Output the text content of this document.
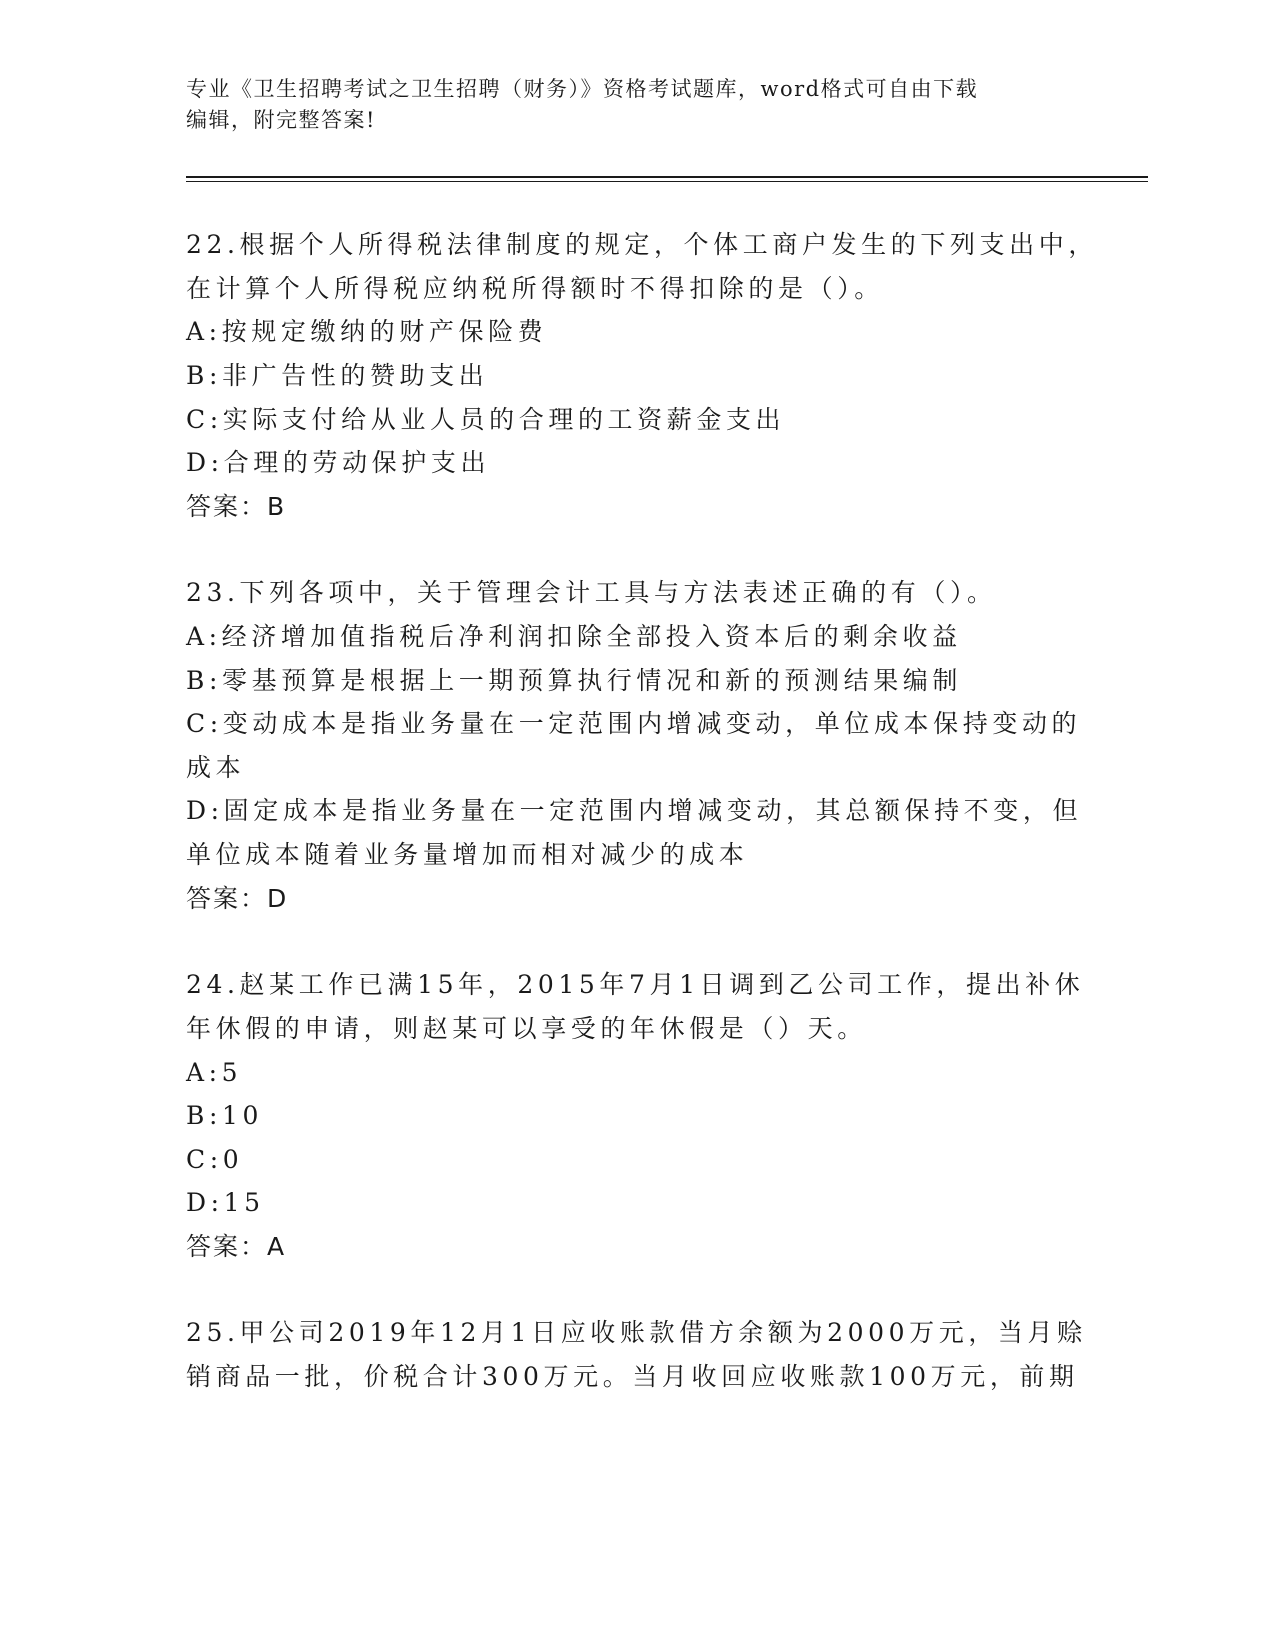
专业《卫生招聘考试之卫生招聘（财务）》资格考试题库，word格式可自由下载
编辑，附完整答案!
22.根据个人所得税法律制度的规定，个体工商户发生的下列支出中，
在计算个人所得税应纳税所得额时不得扣除的是（）。
A:按规定缴纳的财产保险费
B:非广告性的赞助支出
C:实际支付给从业人员的合理的工资薪金支出
D:合理的劳动保护支出
答案：B
23.下列各项中，关于管理会计工具与方法表述正确的有（）。
A:经济增加值指税后净利润扣除全部投入资本后的剩余收益
B:零基预算是根据上一期预算执行情况和新的预测结果编制
C:变动成本是指业务量在一定范围内增减变动，单位成本保持变动的
成本
D:固定成本是指业务量在一定范围内增减变动，其总额保持不变，但
单位成本随着业务量增加而相对减少的成本
答案：D
24.赵某工作已满15年，2015年7月1日调到乙公司工作，提出补休
年休假的申请，则赵某可以享受的年休假是（）天。
A:5
B:10
C:0
D:15
答案：A
25.甲公司2019年12月1日应收账款借方余额为2000万元，当月赊
销商品一批，价税合计300万元。当月收回应收账款100万元，前期
